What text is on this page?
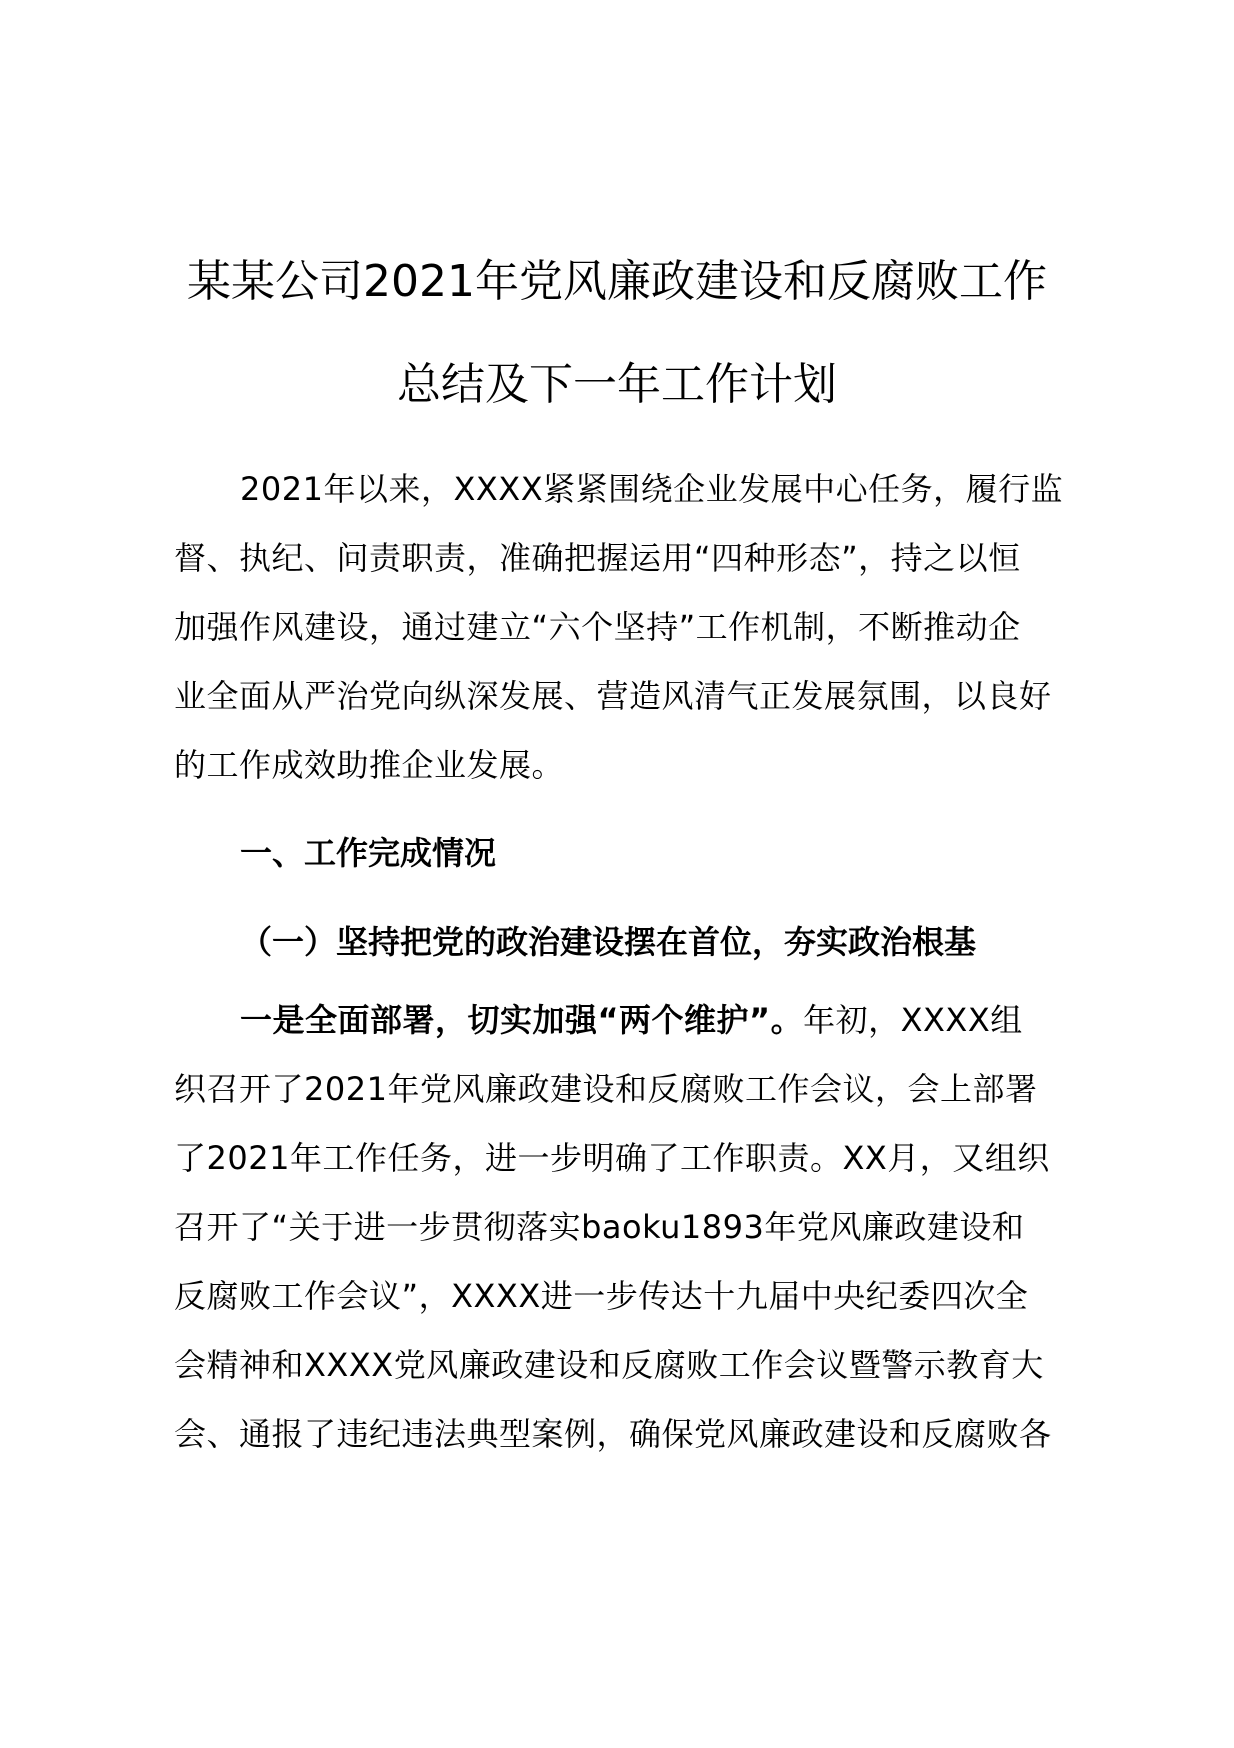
某某公司2021年党风廉政建设和反腐败工作
总结及下一年工作计划
2021年以来，XXXX紧紧围绕企业发展中心任务，履行监
督、执纪、问责职责，准确把握运用“四种形态”，持之以恒
加强作风建设，通过建立“六个坚持”工作机制，不断推动企
业全面从严治党向纵深发展、营造风清气正发展氛围，以良好
的工作成效助推企业发展。
一、工作完成情况
（一）坚持把党的政治建设摆在首位，夯实政治根基
一是全面部署，切实加强“两个维护”。年初，XXXX组
织召开了2021年党风廉政建设和反腐败工作会议，会上部署
了2021年工作任务，进一步明确了工作职责。XX月，又组织
召开了“关于进一步贯彻落实baoku1893年党风廉政建设和
反腐败工作会议”，XXXX进一步传达十九届中央纪委四次全
会精神和XXXX党风廉政建设和反腐败工作会议暨警示教育大
会、通报了违纪违法典型案例，确保党风廉政建设和反腐败各
